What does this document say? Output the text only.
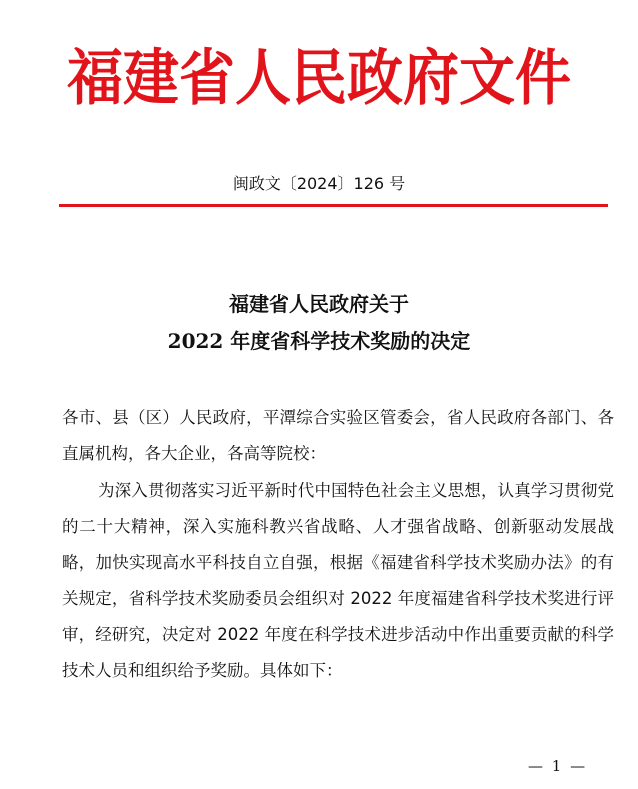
福建省人民政府文件
闽政文〔2024〕126 号
福建省人民政府关于
2022 年度省科学技术奖励的决定
各市、县（区）人民政府，平潭综合实验区管委会，省人民政府各部门、各直属机构，各大企业，各高等院校：
为深入贯彻落实习近平新时代中国特色社会主义思想，认真学习贯彻党的二十大精神，深入实施科教兴省战略、人才强省战略、创新驱动发展战略，加快实现高水平科技自立自强，根据《福建省科学技术奖励办法》的有关规定，省科学技术奖励委员会组织对 2022 年度福建省科学技术奖进行评审，经研究，决定对 2022 年度在科学技术进步活动中作出重要贡献的科学技术人员和组织给予奖励。具体如下：
— 1 —
